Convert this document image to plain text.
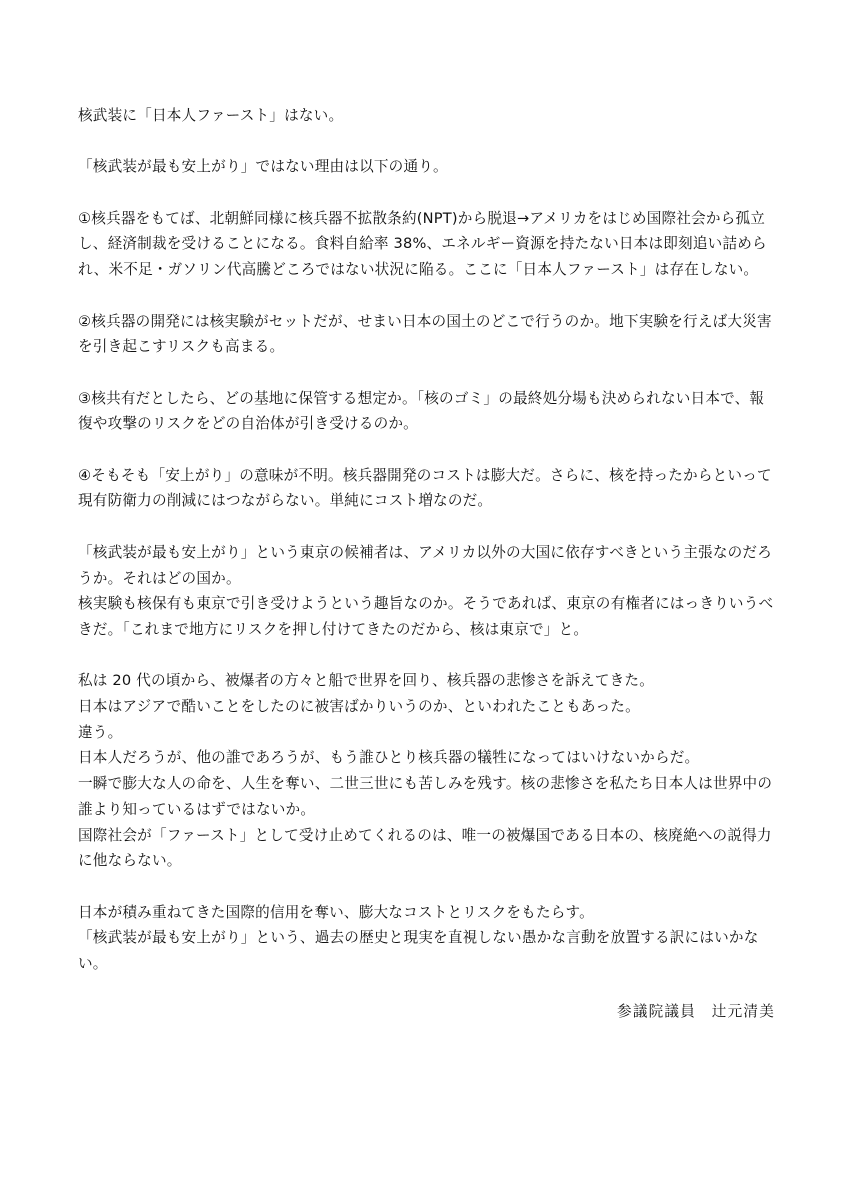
核武装に「日本人ファースト」はない。

「核武装が最も安上がり」ではない理由は以下の通り。

①核兵器をもてば、北朝鮮同様に核兵器不拡散条約(NPT)から脱退→アメリカをはじめ国際社会から孤立し、経済制裁を受けることになる。食料自給率 38%、エネルギー資源を持たない日本は即刻追い詰められ、米不足・ガソリン代高騰どころではない状況に陥る。ここに「日本人ファースト」は存在しない。

②核兵器の開発には核実験がセットだが、せまい日本の国土のどこで行うのか。地下実験を行えば大災害を引き起こすリスクも高まる。

③核共有だとしたら、どの基地に保管する想定か。「核のゴミ」の最終処分場も決められない日本で、報復や攻撃のリスクをどの自治体が引き受けるのか。

④そもそも「安上がり」の意味が不明。核兵器開発のコストは膨大だ。さらに、核を持ったからといって現有防衛力の削減にはつながらない。単純にコスト増なのだ。

「核武装が最も安上がり」という東京の候補者は、アメリカ以外の大国に依存すべきという主張なのだろうか。それはどの国か。
核実験も核保有も東京で引き受けようという趣旨なのか。そうであれば、東京の有権者にはっきりいうべきだ。「これまで地方にリスクを押し付けてきたのだから、核は東京で」と。

私は 20 代の頃から、被爆者の方々と船で世界を回り、核兵器の悲惨さを訴えてきた。
日本はアジアで酷いことをしたのに被害ばかりいうのか、といわれたこともあった。
違う。
日本人だろうが、他の誰であろうが、もう誰ひとり核兵器の犠牲になってはいけないからだ。
一瞬で膨大な人の命を、人生を奪い、二世三世にも苦しみを残す。核の悲惨さを私たち日本人は世界中の誰より知っているはずではないか。
国際社会が「ファースト」として受け止めてくれるのは、唯一の被爆国である日本の、核廃絶への説得力に他ならない。

日本が積み重ねてきた国際的信用を奪い、膨大なコストとリスクをもたらす。
「核武装が最も安上がり」という、過去の歴史と現実を直視しない愚かな言動を放置する訳にはいかない。

参議院議員　辻元清美
